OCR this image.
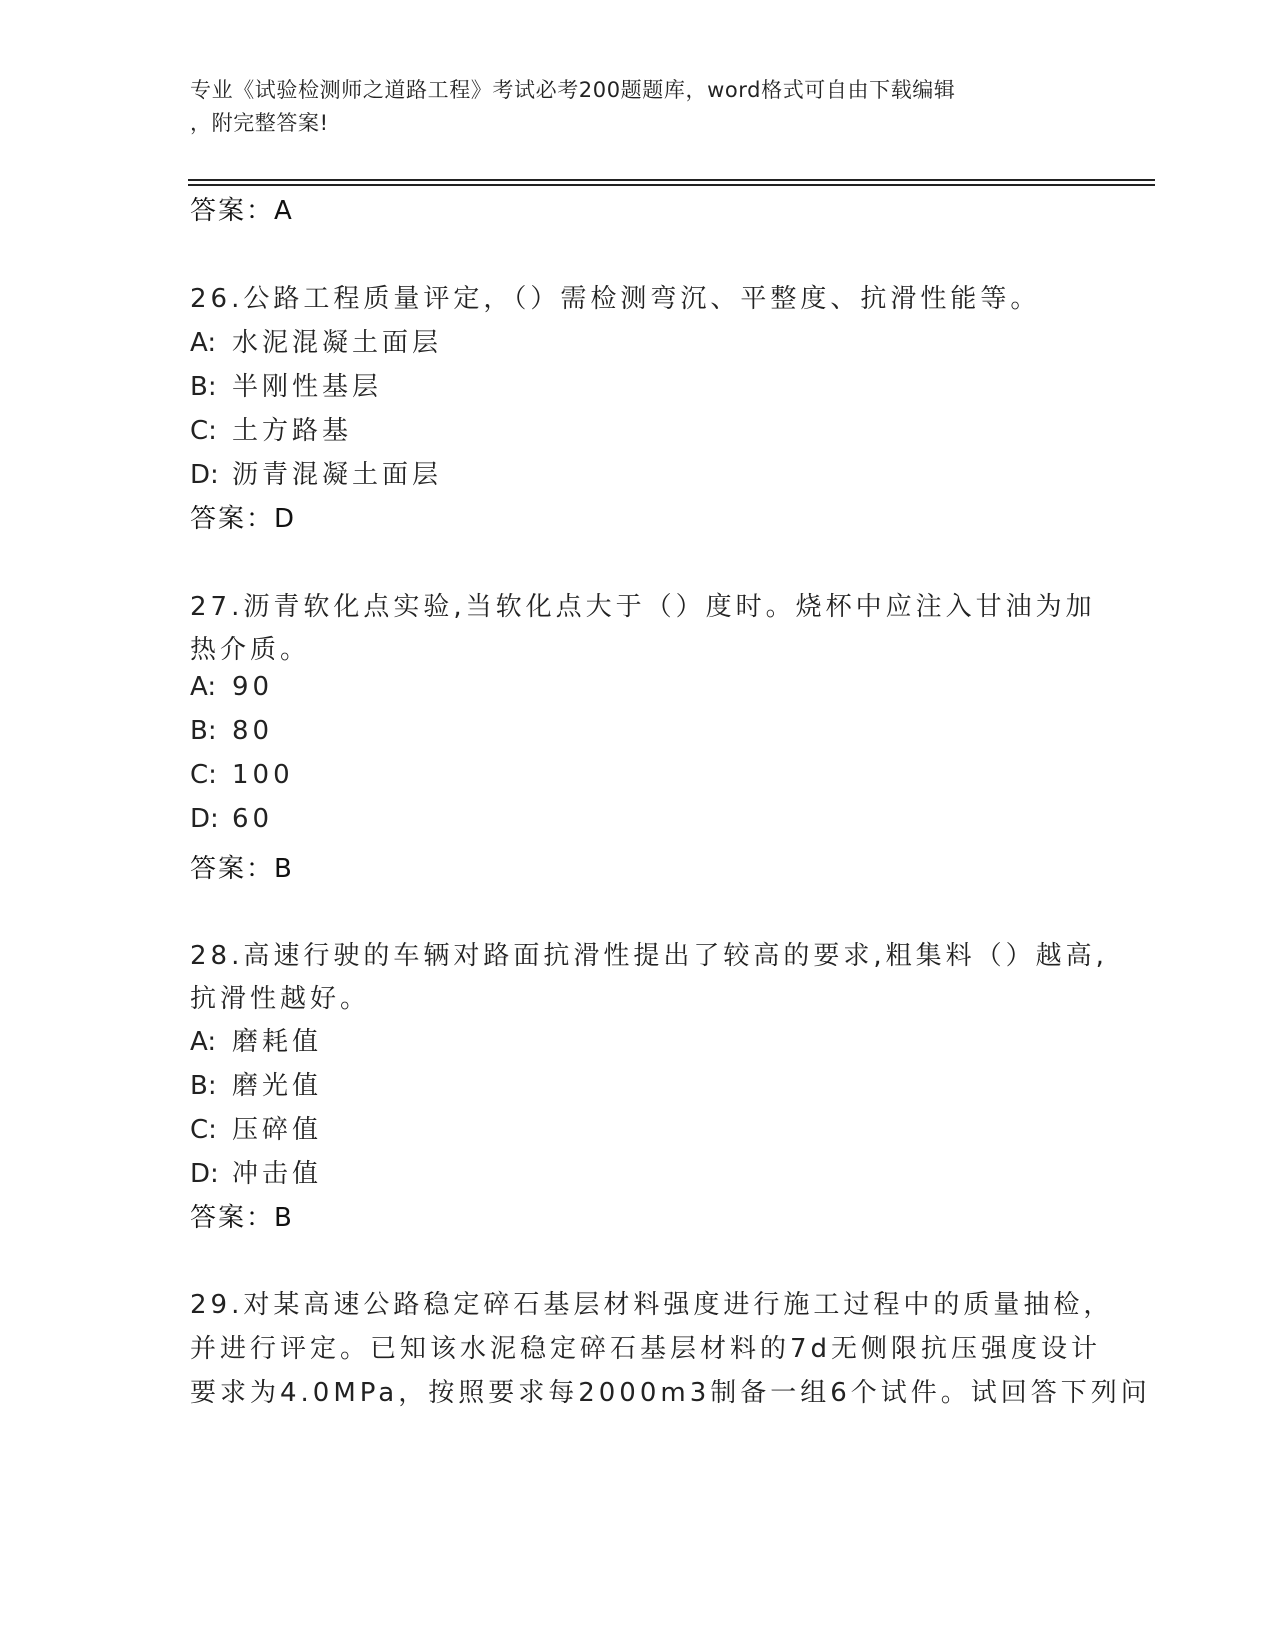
专业《试验检测师之道路工程》考试必考200题题库，word格式可自由下载编辑
，附完整答案!
答案：A
26.公路工程质量评定，（）需检测弯沉、平整度、抗滑性能等。
A: 水泥混凝土面层
B: 半刚性基层
C: 土方路基
D: 沥青混凝土面层
答案：D
27.沥青软化点实验,当软化点大于（）度时。烧杯中应注入甘油为加
热介质。
A: 90
B: 80
C: 100
D: 60
答案：B
28.高速行驶的车辆对路面抗滑性提出了较高的要求,粗集料（）越高,
抗滑性越好。
A: 磨耗值
B: 磨光值
C: 压碎值
D: 冲击值
答案：B
29.对某高速公路稳定碎石基层材料强度进行施工过程中的质量抽检，
并进行评定。已知该水泥稳定碎石基层材料的7d无侧限抗压强度设计
要求为4.0MPa，按照要求每2000m3制备一组6个试件。试回答下列问
